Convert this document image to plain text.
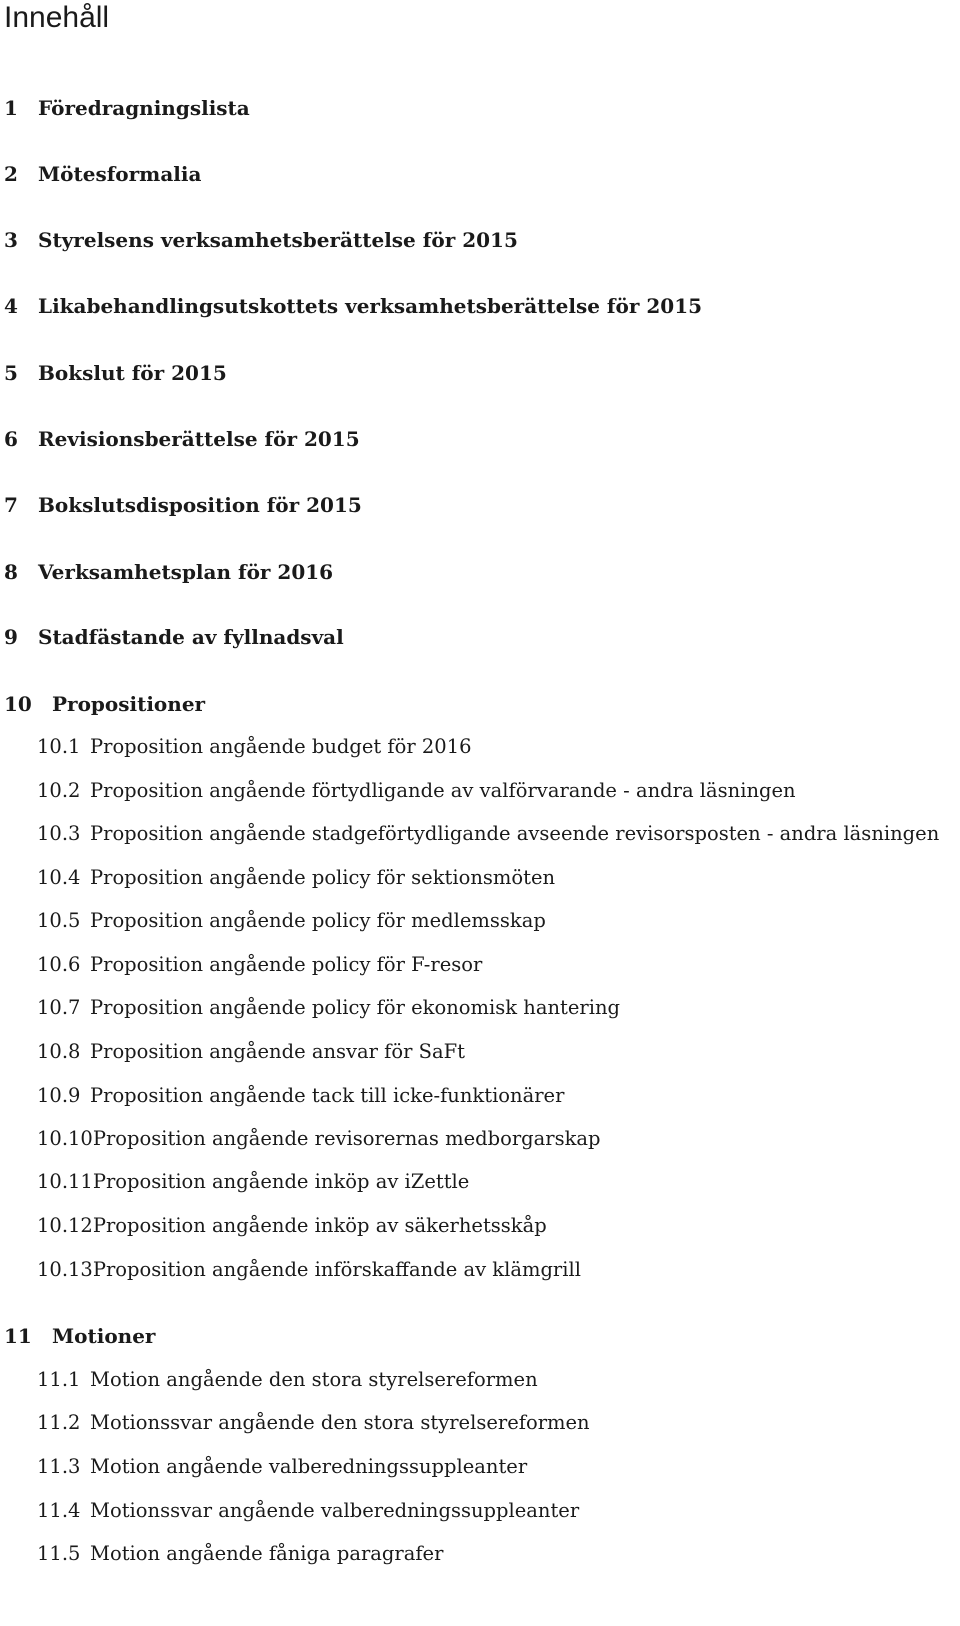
Innehåll
1 Föredragningslista
2 Mötesformalia
3 Styrelsens verksamhetsberättelse för 2015
4 Likabehandlingsutskottets verksamhetsberättelse för 2015
5 Bokslut för 2015
6 Revisionsberättelse för 2015
7 Bokslutsdisposition för 2015
8 Verksamhetsplan för 2016
9 Stadfästande av fyllnadsval
10 Propositioner
10.1 Proposition angående budget för 2016
10.2 Proposition angående förtydligande av valförvarande - andra läsningen
10.3 Proposition angående stadgeförtydligande avseende revisorsposten - andra läsningen
10.4 Proposition angående policy för sektionsmöten
10.5 Proposition angående policy för medlemsskap
10.6 Proposition angående policy för F-resor
10.7 Proposition angående policy för ekonomisk hantering
10.8 Proposition angående ansvar för SaFt
10.9 Proposition angående tack till icke-funktionärer
10.10Proposition angående revisorernas medborgarskap
10.11Proposition angående inköp av iZettle
10.12Proposition angående inköp av säkerhetsskåp
10.13Proposition angående införskaffande av klämgrill
11 Motioner
11.1 Motion angående den stora styrelsereformen
11.2 Motionssvar angående den stora styrelsereformen
11.3 Motion angående valberedningssuppleanter
11.4 Motionssvar angående valberedningssuppleanter
11.5 Motion angående fåniga paragrafer
